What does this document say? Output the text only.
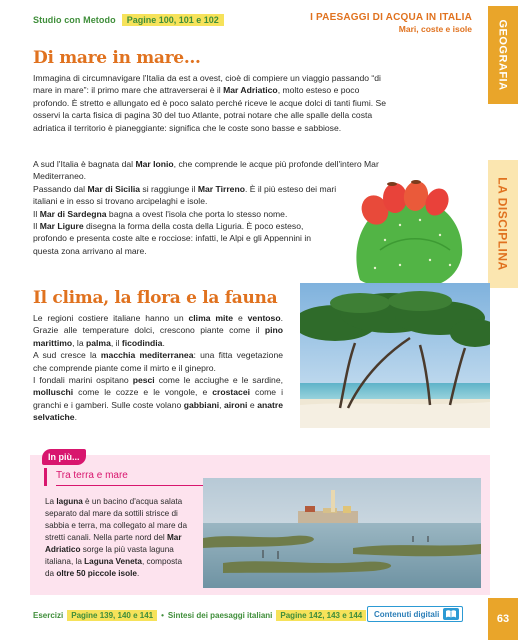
Studio con Metodo	Pagine 100, 101 e 102	I PAESAGGI DI ACQUA IN ITALIA
Mari, coste e isole GEOGRAFIA
LA DISCIPLINA
Di mare in mare…

Immagina di circumnavigare l'Italia da est a ovest, cioè di compiere un viaggio passando “di mare in mare”: il primo mare che attraverserai è il Mar Adriatico, molto esteso e poco profondo. È stretto e allungato ed è poco salato perché riceve le acque dolci di tanti fiumi. Se osservi la carta fisica di pagina 30 del tuo Atlante, potrai notare che alle spalle della costa adriatica il territorio è pianeggiante: significa che le coste sono basse e sabbiose.

A sud l'Italia è bagnata dal Mar Ionio, che comprende le acque più profonde dell'intero Mar Mediterraneo.

Passando dal Mar di Sicilia si raggiunge il Mar Tirreno. È il più esteso dei mari italiani e in esso si trovano arcipelaghi e isole.

Il Mar di Sardegna bagna a ovest l'isola che porta lo stesso nome.

Il Mar Ligure disegna la forma della costa della Liguria. È poco esteso, profondo e presenta coste alte e rocciose: infatti, le Alpi e gli Appennini in questa zona arrivano al mare.

Il clima, la flora e la fauna

Le regioni costiere italiane hanno un clima mite e ventoso. Grazie alle temperature dolci, crescono piante come il pino marittimo, la palma, il ficodindia.

A sud cresce la macchia mediterranea: una fitta vegetazione che comprende piante come il mirto e il ginepro.

I fondali marini ospitano pesci come le acciughe e le sardine, molluschi come le cozze e le vongole, e crostacei come i granchi e i gamberi. Sulle coste volano gabbiani, aironi e anatre selvatiche.

In più...
Tra terra e mare

La laguna è un bacino d'acqua salata separato dal mare da sottili strisce di sabbia e terra, ma collegato al mare da stretti canali. Nella parte nord del Mar Adriatico sorge la più vasta laguna italiana, la Laguna Veneta, composta da oltre 50 piccole isole.

Esercizi	Pagine 139, 140 e 141	• Sintesi dei paesaggi italiani	Pagine 142, 143 e 144	Contenuti digitali	63
